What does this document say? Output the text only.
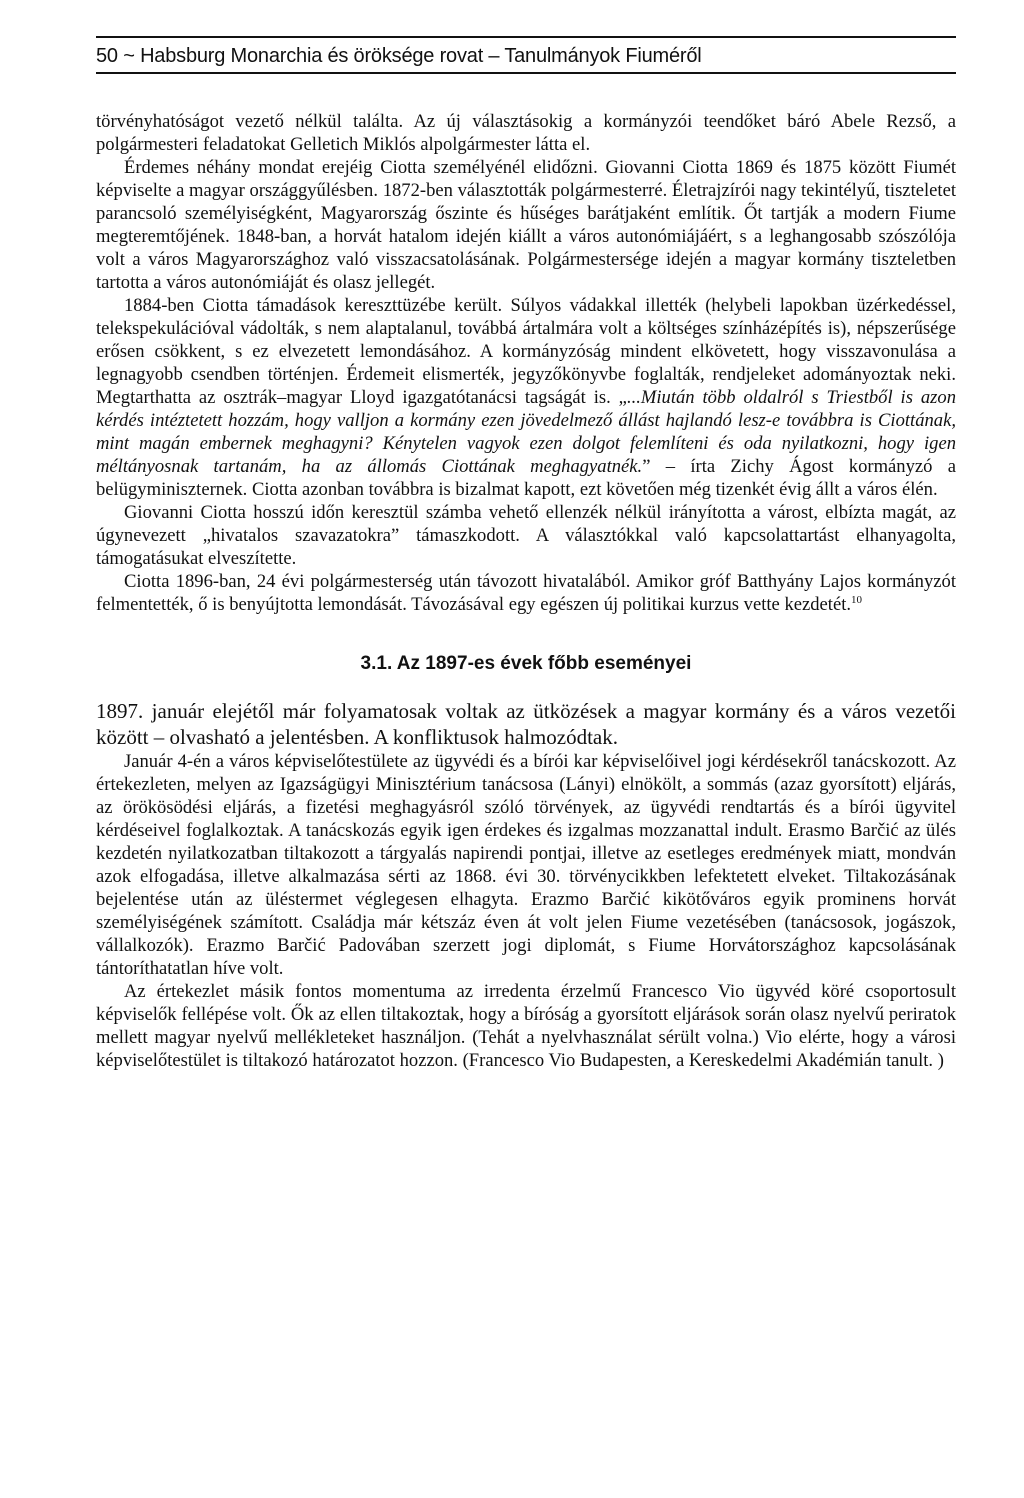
50 ~ Habsburg Monarchia és öröksége rovat – Tanulmányok Fiuméről

törvényhatóságot vezető nélkül találta. Az új választásokig a kormányzói teendőket báró Abele Rezső, a polgármesteri feladatokat Gelletich Miklós alpolgármester látta el.

Érdemes néhány mondat erejéig Ciotta személyénél elidőzni. Giovanni Ciotta 1869 és 1875 között Fiumét képviselte a magyar országgyűlésben. 1872-ben választották polgármesterré. Életrajzírói nagy tekintélyű, tiszteletet parancsoló személyiségként, Magyarország őszinte és hűséges barátjaként említik. Őt tartják a modern Fiume megteremtőjének. 1848-ban, a horvát hatalom idején kiállt a város autonómiájáért, s a leghangosabb szószólója volt a város Magyarországhoz való visszacsatolásának. Polgármestersége idején a magyar kormány tiszteletben tartotta a város autonómiáját és olasz jellegét.

1884-ben Ciotta támadások kereszttüzébe került. Súlyos vádakkal illették (helybeli lapokban üzérkedéssel, telekspekulációval vádolták, s nem alaptalanul, továbbá ártalmára volt a költséges színházépítés is), népszerűsége erősen csökkent, s ez elvezetett lemondásához. A kormányzóság mindent elkövetett, hogy visszavonulása a legnagyobb csendben történjen. Érdemeit elismerték, jegyzőkönyvbe foglalták, rendjeleket adományoztak neki. Megtarthatta az osztrák–magyar Lloyd igazgatótanácsi tagságát is. „...Miután több oldalról s Triestből is azon kérdés intéztetett hozzám, hogy valljon a kormány ezen jövedelmező állást hajlandó lesz-e továbbra is Ciottának, mint magán embernek meghagyni? Kénytelen vagyok ezen dolgot felemlíteni és oda nyilatkozni, hogy igen méltányosnak tartanám, ha az állomás Ciottának meghagyatnék.” – írta Zichy Ágost kormányzó a belügyminiszternek. Ciotta azonban továbbra is bizalmat kapott, ezt követően még tizenkét évig állt a város élén.

Giovanni Ciotta hosszú időn keresztül számba vehető ellenzék nélkül irányította a várost, elbízta magát, az úgynevezett „hivatalos szavazatokra” támaszkodott. A választókkal való kapcsolattartást elhanyagolta, támogatásukat elveszítette.

Ciotta 1896-ban, 24 évi polgármesterség után távozott hivatalából. Amikor gróf Batthyány Lajos kormányzót felmentették, ő is benyújtotta lemondását. Távozásával egy egészen új politikai kurzus vette kezdetét.$^{10}$

3.1. Az 1897-es évek főbb eseményei

1897. január elejétől már folyamatosak voltak az ütközések a magyar kormány és a város vezetői között – olvasható a jelentésben. A konfliktusok halmozódtak.

Január 4-én a város képviselőtestülete az ügyvédi és a bírói kar képviselőivel jogi kérdésekről tanácskozott. Az értekezleten, melyen az Igazságügyi Minisztérium tanácsosa (Lányi) elnökölt, a sommás (azaz gyorsított) eljárás, az örökösödési eljárás, a fizetési meghagyásról szóló törvények, az ügyvédi rendtartás és a bírói ügyvitel kérdéseivel foglalkoztak. A tanácskozás egyik igen érdekes és izgalmas mozzanattal indult. Erasmo Barčić az ülés kezdetén nyilatkozatban tiltakozott a tárgyalás napirendi pontjai, illetve az esetleges eredmények miatt, mondván azok elfogadása, illetve alkalmazása sérti az 1868. évi 30. törvénycikkben lefektetett elveket. Tiltakozásának bejelentése után az üléstermet véglegesen elhagyta. Erazmo Barčić kikötőváros egyik prominens horvát személyiségének számított. Családja már kétszáz éven át volt jelen Fiume vezetésében (tanácsosok, jogászok, vállalkozók). Erazmo Barčić Padovában szerzett jogi diplomát, s Fiume Horvátországhoz kapcsolásának tántoríthatatlan híve volt.

Az értekezlet másik fontos momentuma az irredenta érzelmű Francesco Vio ügyvéd köré csoportosult képviselők fellépése volt. Ők az ellen tiltakoztak, hogy a bíróság a gyorsított eljárások során olasz nyelvű periratok mellett magyar nyelvű mellékleteket használjon. (Tehát a nyelvhasználat sérült volna.) Vio elérte, hogy a városi képviselőtestület is tiltakozó határozatot hozzon. (Francesco Vio Budapesten, a Kereskedelmi Akadémián tanult. )
